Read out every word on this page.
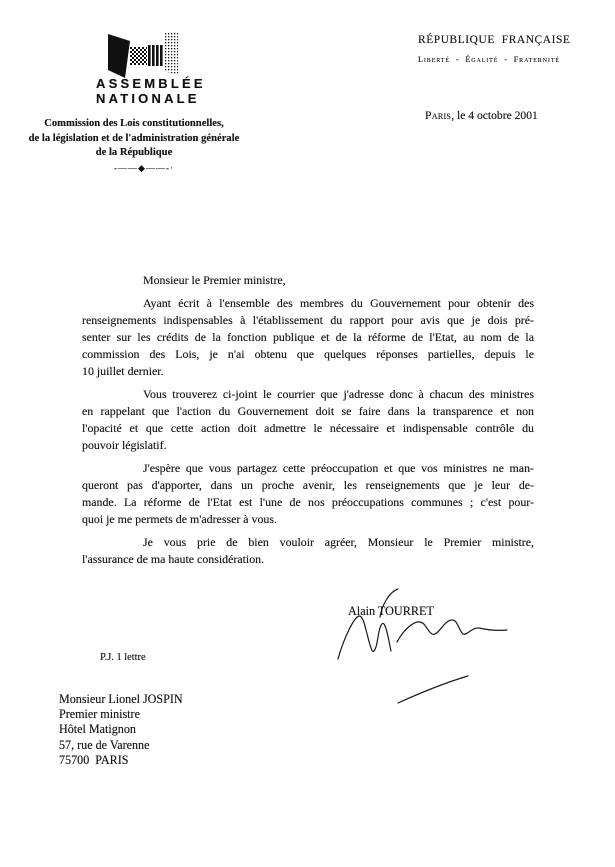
ASSEMBLÉE
NATIONALE
Commission des Lois constitutionnelles,
de la législation et de l'administration générale
de la République
-——◆——-·
RÉPUBLIQUE  FRANÇAISE
Liberté  -  Égalité  -  Fraternité
Paris, le 4 octobre 2001
Monsieur le Premier ministre,
Ayant écrit à l'ensemble des membres du Gouvernement pour obtenir des
renseignements indispensables à l'établissement du rapport pour avis que je dois pré-
senter sur les crédits de la fonction publique et de la réforme de l'Etat, au nom de la
commission des Lois, je n'ai obtenu que quelques réponses partielles, depuis le
10 juillet dernier.
Vous trouverez ci-joint le courrier que j'adresse donc à chacun des ministres
en rappelant que l'action du Gouvernement doit se faire dans la transparence et non
l'opacité et que cette action doit admettre le nécessaire et indispensable contrôle du
pouvoir législatif.
J'espère que vous partagez cette préoccupation et que vos ministres ne man-
queront pas d'apporter, dans un proche avenir, les renseignements que je leur de-
mande. La réforme de l'Etat est l'une de nos préoccupations communes ; c'est pour-
quoi je me permets de m'adresser à vous.
Je vous prie de bien vouloir agréer, Monsieur le Premier ministre,
l'assurance de ma haute considération.
Alain TOURRET
P.J. 1 lettre
Monsieur Lionel JOSPIN
Premier ministre
Hôtel Matignon
57, rue de Varenne
75700  PARIS
